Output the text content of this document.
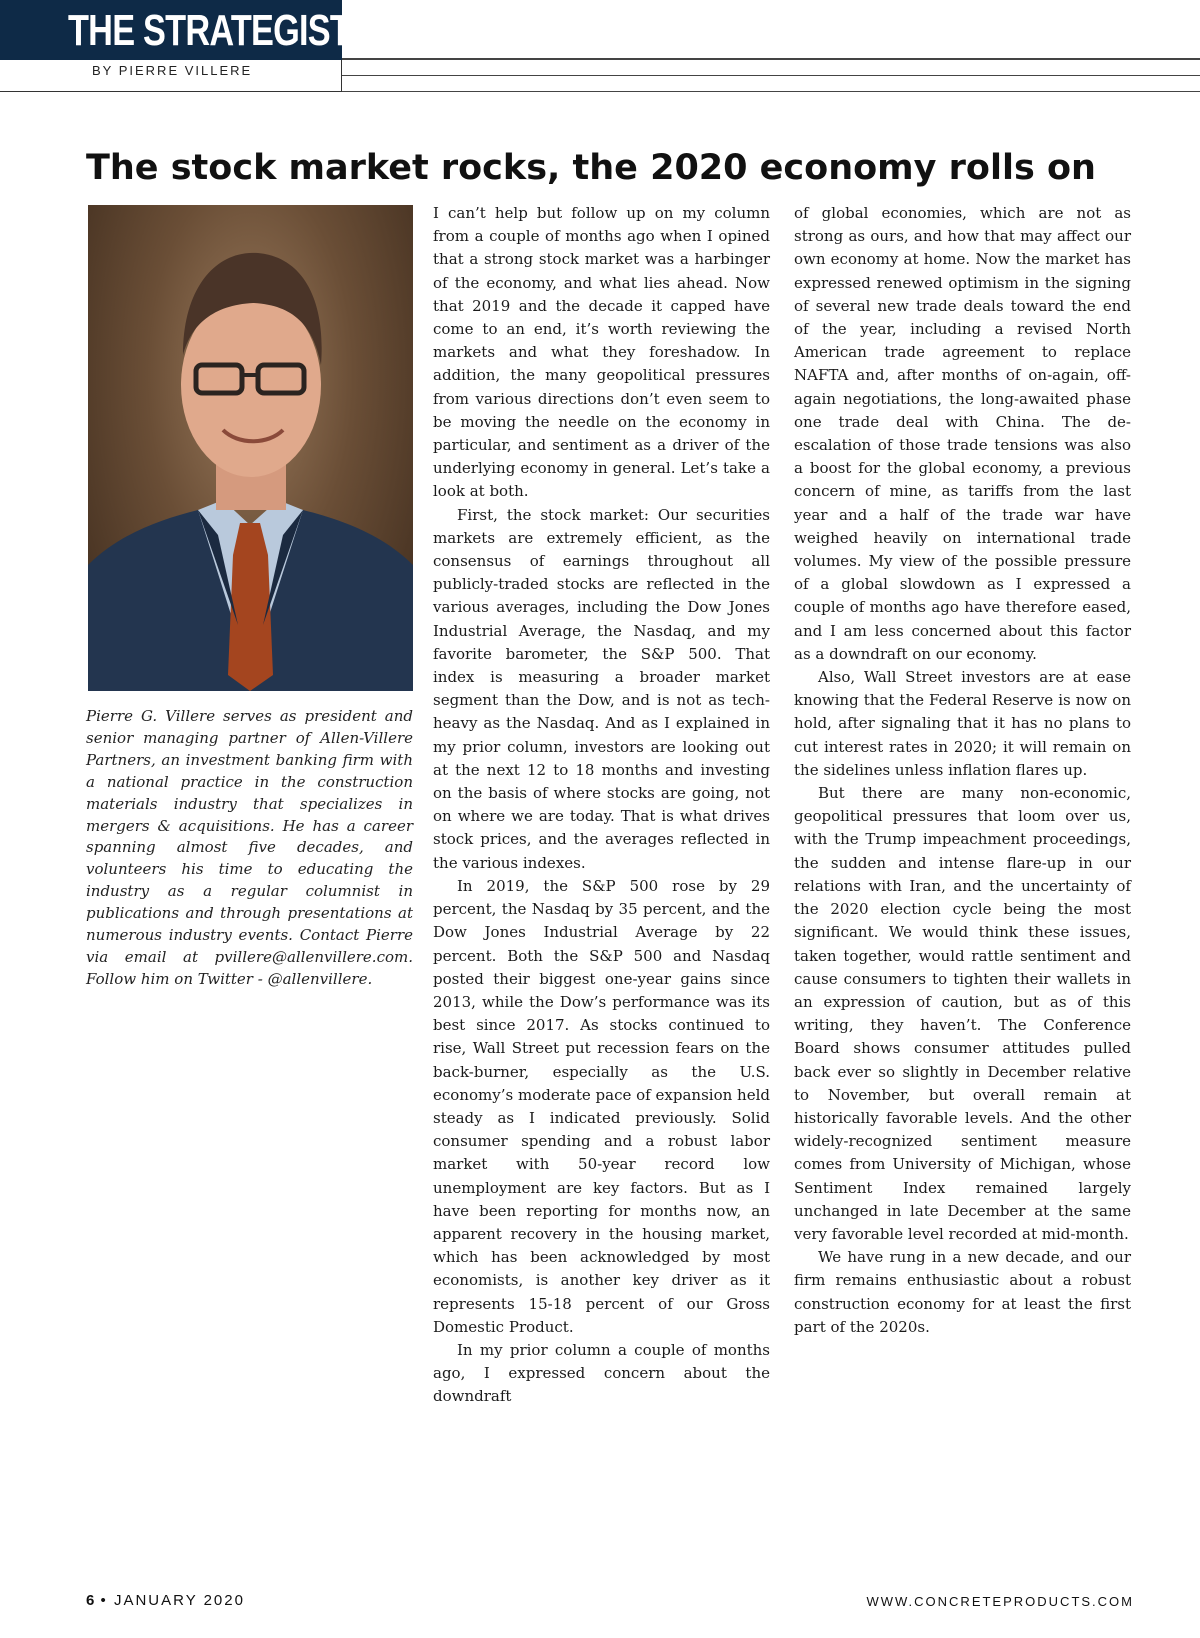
THE STRATEGIST
BY PIERRE VILLERE
The stock market rocks, the 2020 economy rolls on

Pierre G. Villere serves as president and senior managing partner of Allen-Villere Partners, an investment banking firm with a national practice in the construction materials industry that specializes in mergers & acquisitions. He has a career spanning almost five decades, and volunteers his time to educating the industry as a regular columnist in publications and through presentations at numerous industry events. Contact Pierre via email at pvillere@allenvillere.com. Follow him on Twitter - @allenvillere.

I can’t help but follow up on my column from a couple of months ago when I opined that a strong stock market was a harbinger of the economy, and what lies ahead. Now that 2019 and the decade it capped have come to an end, it’s worth reviewing the markets and what they foreshadow. In addition, the many geopolitical pressures from various directions don’t even seem to be moving the needle on the economy in particular, and sentiment as a driver of the underlying economy in general. Let’s take a look at both.

First, the stock market: Our securities markets are extremely efficient, as the consensus of earnings throughout all publicly-traded stocks are reflected in the various averages, including the Dow Jones Industrial Average, the Nasdaq, and my favorite barometer, the S&P 500. That index is measuring a broader market segment than the Dow, and is not as tech-heavy as the Nasdaq. And as I explained in my prior column, investors are looking out at the next 12 to 18 months and investing on the basis of where stocks are going, not on where we are today. That is what drives stock prices, and the averages reflected in the various indexes.

In 2019, the S&P 500 rose by 29 percent, the Nasdaq by 35 percent, and the Dow Jones Industrial Average by 22 percent. Both the S&P 500 and Nasdaq posted their biggest one-year gains since 2013, while the Dow’s performance was its best since 2017. As stocks continued to rise, Wall Street put recession fears on the back-burner, especially as the U.S. economy’s moderate pace of expansion held steady as I indicated previously. Solid consumer spending and a robust labor market with 50-year record low unemployment are key factors. But as I have been reporting for months now, an apparent recovery in the housing market, which has been acknowledged by most economists, is another key driver as it represents 15-18 percent of our Gross Domestic Product.

In my prior column a couple of months ago, I expressed concern about the downdraft

of global economies, which are not as strong as ours, and how that may affect our own economy at home. Now the market has expressed renewed optimism in the signing of several new trade deals toward the end of the year, including a revised North American trade agreement to replace NAFTA and, after months of on-again, off-again negotiations, the long-awaited phase one trade deal with China. The de-escalation of those trade tensions was also a boost for the global economy, a previous concern of mine, as tariffs from the last year and a half of the trade war have weighed heavily on international trade volumes. My view of the possible pressure of a global slowdown as I expressed a couple of months ago have therefore eased, and I am less concerned about this factor as a downdraft on our economy.

Also, Wall Street investors are at ease knowing that the Federal Reserve is now on hold, after signaling that it has no plans to cut interest rates in 2020; it will remain on the sidelines unless inflation flares up.

But there are many non-economic, geopolitical pressures that loom over us, with the Trump impeachment proceedings, the sudden and intense flare-up in our relations with Iran, and the uncertainty of the 2020 election cycle being the most significant. We would think these issues, taken together, would rattle sentiment and cause consumers to tighten their wallets in an expression of caution, but as of this writing, they haven’t. The Conference Board shows consumer attitudes pulled back ever so slightly in December relative to November, but overall remain at historically favorable levels. And the other widely-recognized sentiment measure comes from University of Michigan, whose Sentiment Index remained largely unchanged in late December at the same very favorable level recorded at mid-month.

We have rung in a new decade, and our firm remains enthusiastic about a robust construction economy for at least the first part of the 2020s.

6 • JANUARY 2020	WWW.CONCRETEPRODUCTS.COM
